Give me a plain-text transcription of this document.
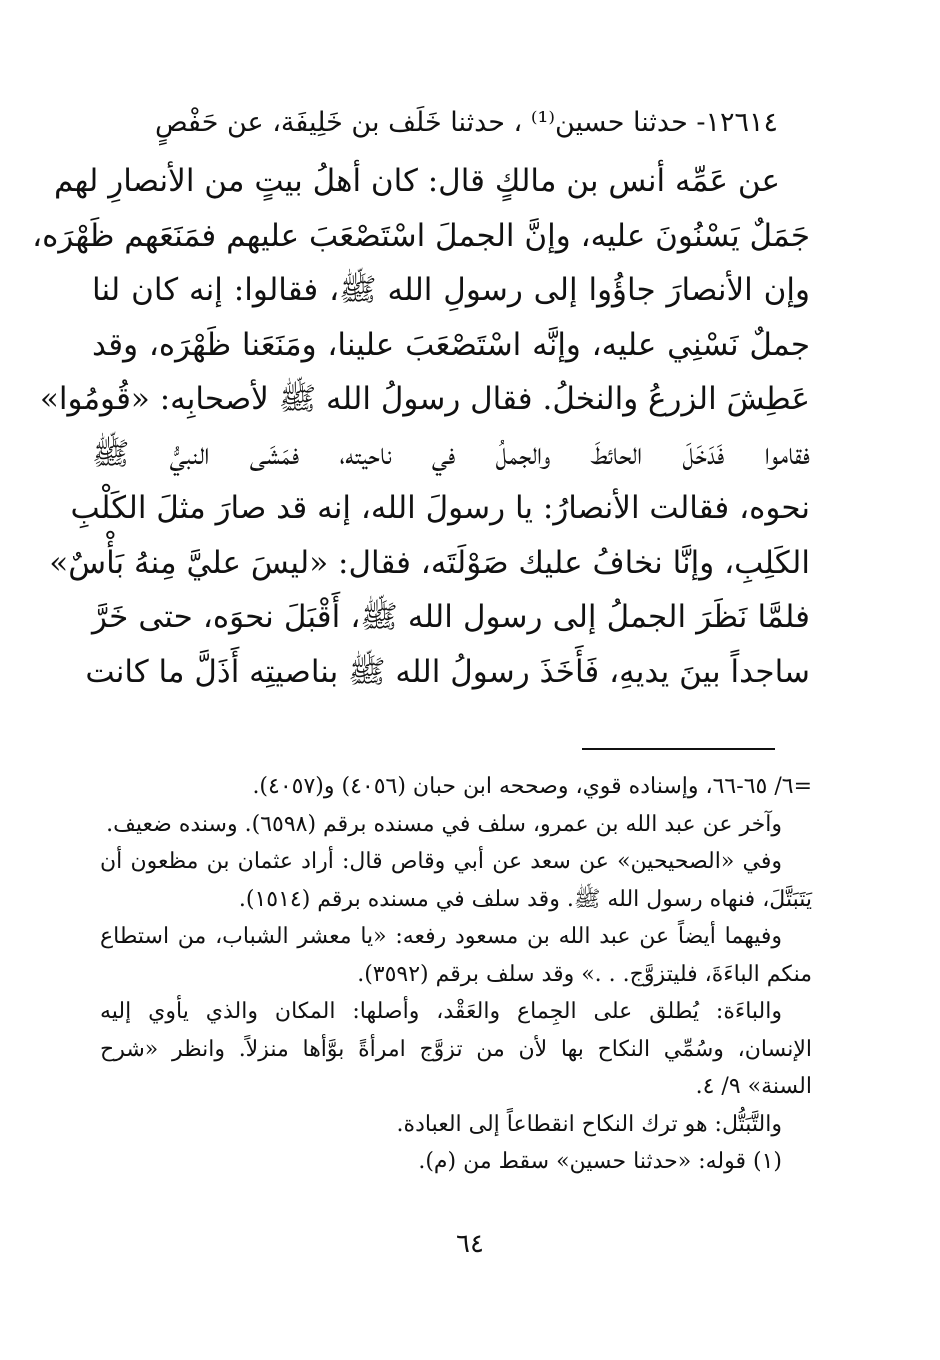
١٢٦١٤- حدثنا حسين⁽¹⁾ ، حدثنا خَلَف بن خَلِيفَة، عن حَفْصٍ
عن عَمِّه أنس بن مالكٍ قال: كان أهلُ بيتٍ من الأنصارِ لهم
جَمَلٌ يَسْنُونَ عليه، وإنَّ الجملَ اسْتَصْعَبَ عليهم فمَنَعَهم ظَهْرَه،
وإن الأنصارَ جاؤُوا إلى رسولِ الله ﷺ، فقالوا: إنه كان لنا
جملٌ نَسْنِي عليه، وإنَّه اسْتَصْعَبَ علينا، ومَنَعَنا ظَهْرَه، وقد
عَطِشَ الزرعُ والنخلُ. فقال رسولُ الله ﷺ لأصحابِه: «قُومُوا»
فقاموا فَدَخَلَ الحائطَ والجملُ في ناحيته، فمَشَى النبيُّ ﷺ
نحوه، فقالت الأنصارُ: يا رسولَ الله، إنه قد صارَ مثلَ الكَلْبِ
الكَلِبِ، وإنَّا نخافُ عليك صَوْلَتَه، فقال: «ليسَ عليَّ مِنهُ بَأْسٌ»
فلمَّا نَظَرَ الجملُ إلى رسول الله ﷺ، أَقْبَلَ نحوَه، حتى خَرَّ
ساجداً بينَ يديهِ، فَأَخَذَ رسولُ الله ﷺ بناصيتِه أَذَلَّ ما كانت
=٦/ ٦٥-٦٦، وإسناده قوي، وصححه ابن حبان (٤٠٥٦) و(٤٠٥٧).
وآخر عن عبد الله بن عمرو، سلف في مسنده برقم (٦٥٩٨). وسنده ضعيف.
وفي «الصحيحين» عن سعد عن أبي وقاص قال: أراد عثمان بن مظعون أن
يَتَبَتَّلَ، فنهاه رسول الله ﷺ. وقد سلف في مسنده برقم (١٥١٤).
وفيهما أيضاً عن عبد الله بن مسعود رفعه: «يا معشر الشباب، من استطاع
منكم الباءَةَ، فليتزوَّج. . .» وقد سلف برقم (٣٥٩٢).
والباءَة: يُطلق على الجِماع والعَقْد، وأصلها: المكان والذي يأوي إليه
الإنسان، وسُمِّي النكاح بها لأن من تزوَّج امرأةً بوَّأها منزلاً. وانظر «شرح
السنة» ٩/ ٤.
والتَّبَتُّل: هو ترك النكاح انقطاعاً إلى العبادة.
(١) قوله: «حدثنا حسين» سقط من (م).
٦٤
